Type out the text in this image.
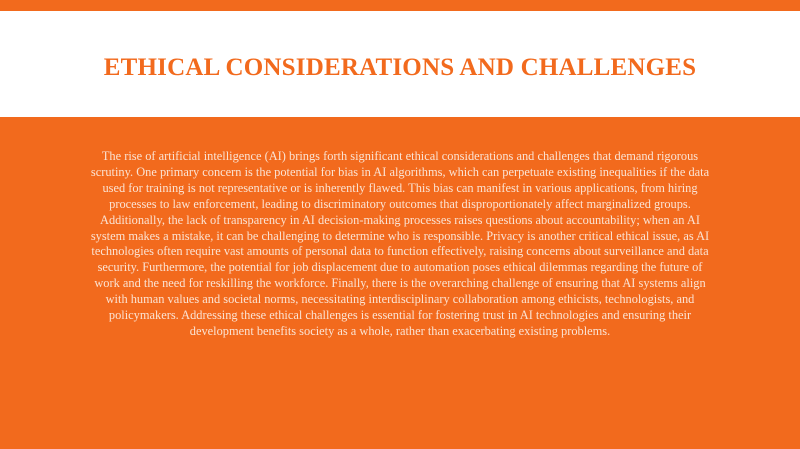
ETHICAL CONSIDERATIONS AND CHALLENGES

The rise of artificial intelligence (AI) brings forth significant ethical considerations and challenges that demand rigorous scrutiny. One primary concern is the potential for bias in AI algorithms, which can perpetuate existing inequalities if the data used for training is not representative or is inherently flawed. This bias can manifest in various applications, from hiring processes to law enforcement, leading to discriminatory outcomes that disproportionately affect marginalized groups. Additionally, the lack of transparency in AI decision-making processes raises questions about accountability; when an AI system makes a mistake, it can be challenging to determine who is responsible. Privacy is another critical ethical issue, as AI technologies often require vast amounts of personal data to function effectively, raising concerns about surveillance and data security. Furthermore, the potential for job displacement due to automation poses ethical dilemmas regarding the future of work and the need for reskilling the workforce. Finally, there is the overarching challenge of ensuring that AI systems align with human values and societal norms, necessitating interdisciplinary collaboration among ethicists, technologists, and policymakers. Addressing these ethical challenges is essential for fostering trust in AI technologies and ensuring their development benefits society as a whole, rather than exacerbating existing problems.
